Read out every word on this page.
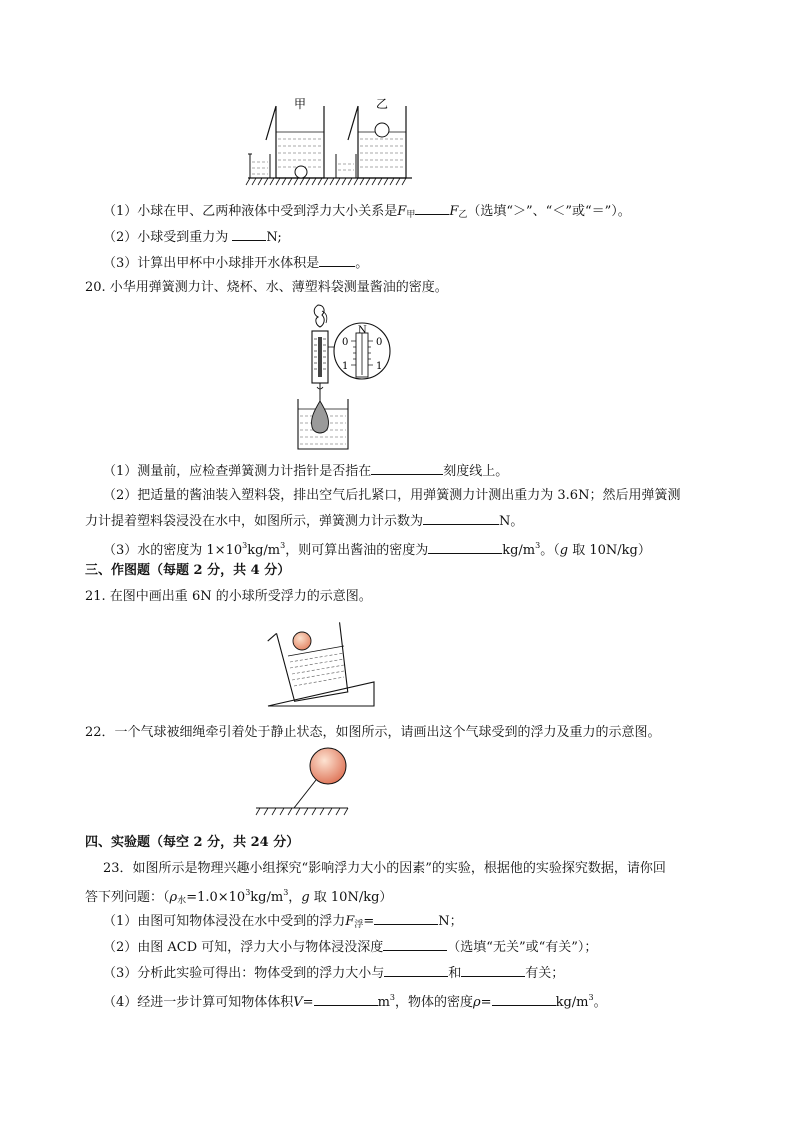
甲	乙
（1）小球在甲、乙两种液体中受到浮力大小关系是$F_甲$	$F_乙$（选填“＞”、“＜”或“＝”）。
（2）小球受到重力为	N;
（3）计算出甲杯中小球排开水体积是	。
20. 小华用弹簧测力计、烧杯、水、薄塑料袋测量酱油的密度。
N
0	0
1	1
（1）测量前，应检查弹簧测力计指针是否指在	刻度线上。
（2）把适量的酱油装入塑料袋，排出空气后扎紧口，用弹簧测力计测出重力为 3.6N；然后用弹簧测
力计提着塑料袋浸没在水中，如图所示，弹簧测力计示数为	N。
（3）水的密度为 $1\times 10^3kg/m^3$，则可算出酱油的密度为	$kg/m^3$。（g 取 10N/kg）
三、作图题（每题 2 分，共 4 分）
21. 在图中画出重 6N 的小球所受浮力的示意图。
22．一个气球被细绳牵引着处于静止状态，如图所示，请画出这个气球受到的浮力及重力的示意图。
四、实验题（每空 2 分，共 24 分）
23．如图所示是物理兴趣小组探究“影响浮力大小的因素”的实验，根据他的实验探究数据，请你回
答下列问题：（$\rho_水=1.0\times 10^3kg/m^3$，g 取 10N/kg）
（1）由图可知物体浸没在水中受到的浮力$F_浮=$	N；
（2）由图 ACD 可知，浮力大小与物体浸没深度	（选填“无关”或“有关”）；
（3）分析此实验可得出：物体受到的浮力大小与	和	有关；
（4）经进一步计算可知物体体积V=	$m^3$，物体的密度ρ=	$kg/m^3$。
